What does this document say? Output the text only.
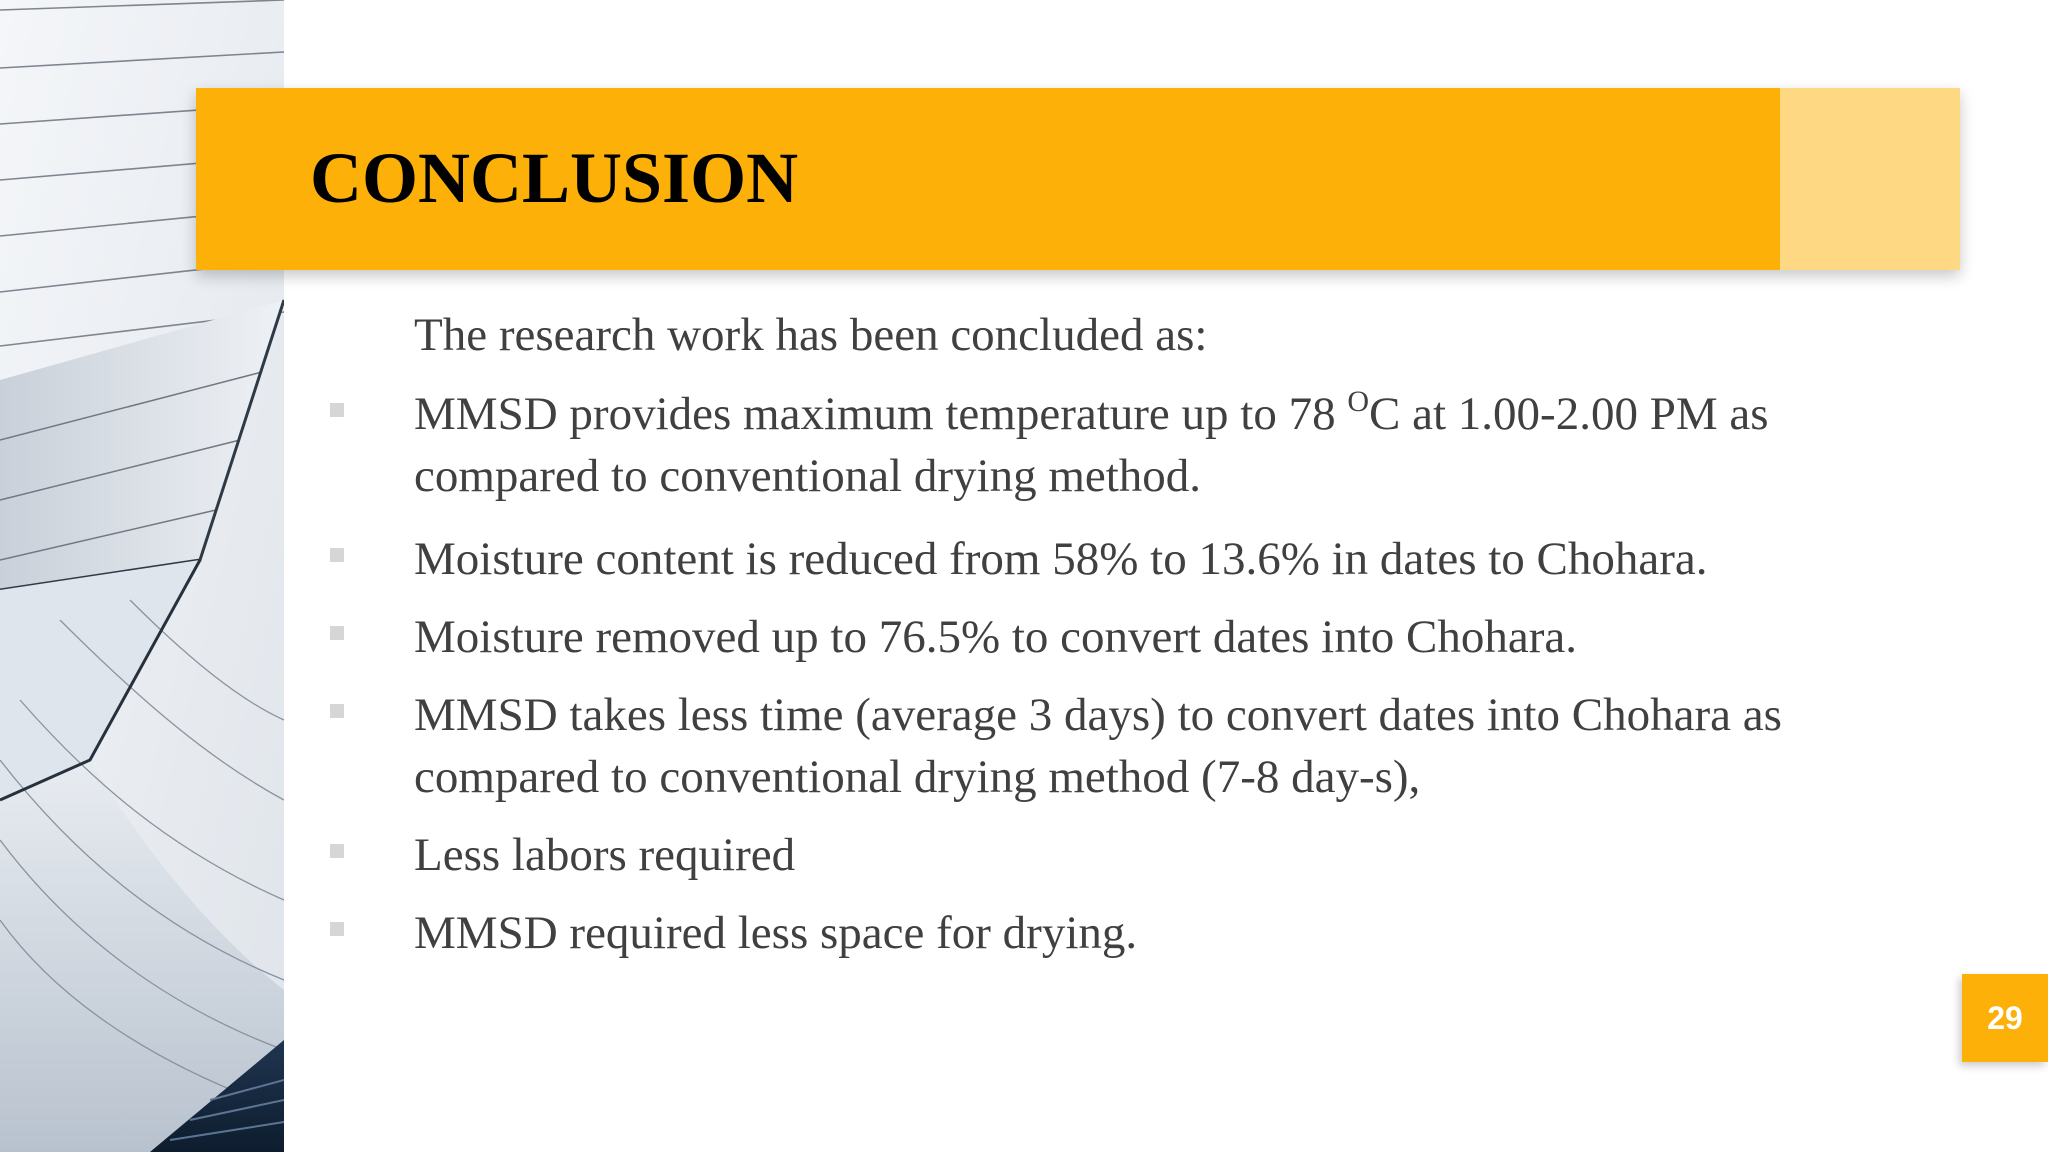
CONCLUSION
The research work has been concluded as:
MMSD provides maximum temperature up to 78 $^O$C at 1.00-2.00 PM as
compared to conventional drying method.
Moisture content is reduced from 58% to 13.6% in dates to Chohara.
Moisture removed up to 76.5% to convert dates into Chohara.
MMSD takes less time (average 3 days) to convert dates into Chohara as
compared to conventional drying method (7-8 day-s),
Less labors required
MMSD required less space for drying.
29
